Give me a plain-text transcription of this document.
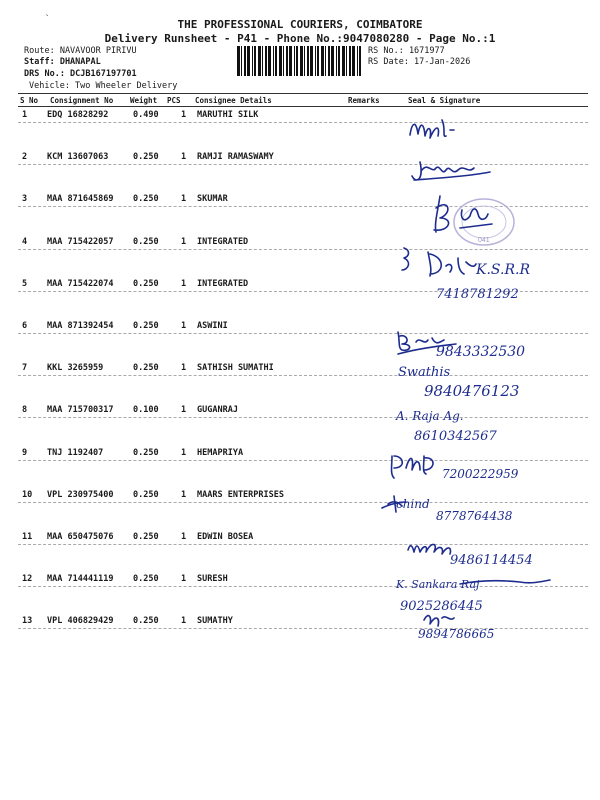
`	THE PROFESSIONAL COURIERS, COIMBATORE
Delivery Runsheet - P41 - Phone No.:9047080280 - Page No.:1
Route: NAVAVOOR PIRIVU
Staff: DHANAPAL
DRS No.: DCJB167197701
Vehicle: Two Wheeler Delivery
RS No.: 1671977
RS Date: 17-Jan-2026
S No Consignment No Weight PCS Consignee Details	Remarks	Seal & Signature
1 EDQ 16828292	0.490	1 MARUTHI SILK
2 KCM 13607063	0.250	1 RAMJI RAMASWAMY
3 MAA 871645869 0.250	1 SKUMAR
4 MAA 715422057 0.250	1 INTEGRATED
5 MAA 715422074 0.250	1 INTEGRATED
6 MAA 871392454 0.250	1 ASWINI
7 KKL 3265959	0.250	1 SATHISH SUMATHI
8 MAA 715700317 0.100	1 GUGANRAJ
9 TNJ 1192407	0.250	1 HEMAPRIYA
10 VPL 230975400 0.250	1 MAARS ENTERPRISES
11 MAA 650475076 0.250	1 EDWIN BOSEA
12 MAA 714441119 0.250	1 SURESH
13 VPL 406829429 0.250	1 SUMATHY
041
K.S.R.R
7418781292
9843332530
Swathis
9840476123
A. Raja Ag.
8610342567
7200222959
chind
8778764438
9486114454
K. Sankara Raj
9025286445
9894786665
